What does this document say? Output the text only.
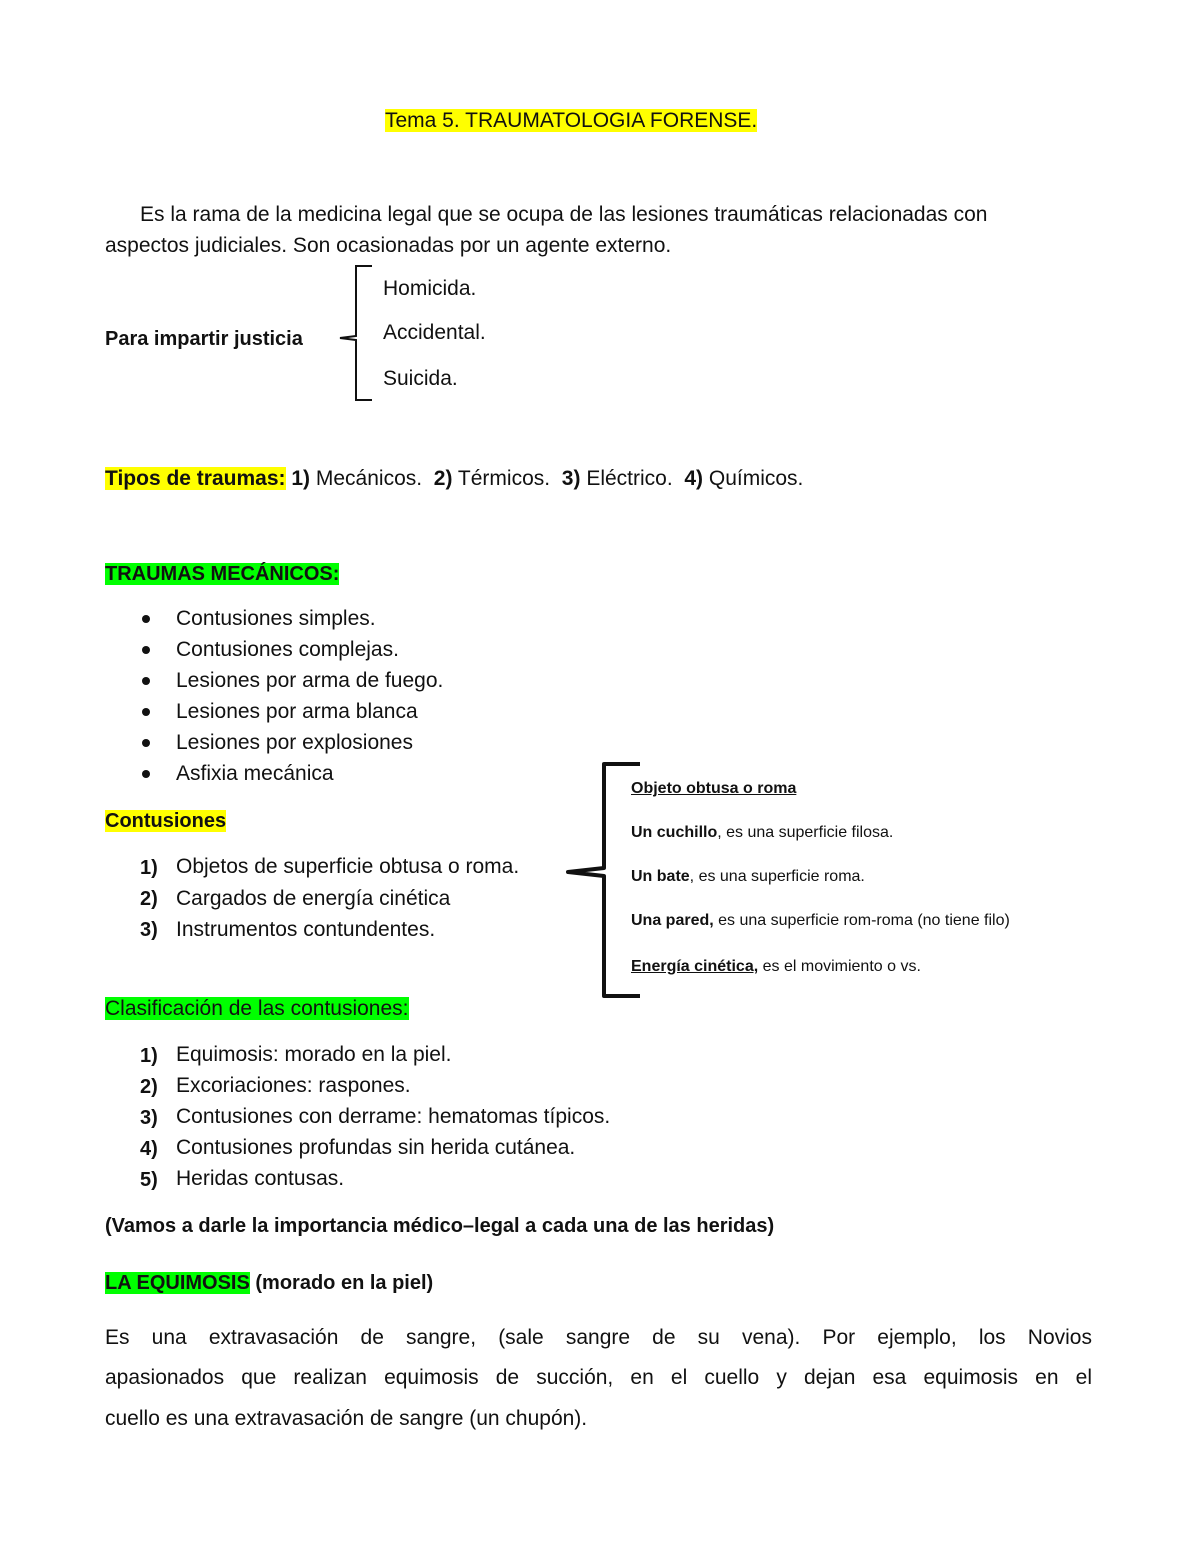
Tema 5. TRAUMATOLOGIA FORENSE.
Es la rama de la medicina legal que se ocupa de las lesiones traumáticas relacionadas con
aspectos judiciales. Son ocasionadas por un agente externo.
Para impartir justicia
Homicida.
Accidental.
Suicida.
Tipos de traumas: 1) Mecánicos. 2) Térmicos. 3) Eléctrico. 4) Químicos.
TRAUMAS MECÁNICOS:
Contusiones simples.
Contusiones complejas.
Lesiones por arma de fuego.
Lesiones por arma blanca
Lesiones por explosiones
Asfixia mecánica
Contusiones
1) Objetos de superficie obtusa o roma.
2) Cargados de energía cinética
3) Instrumentos contundentes.
Objeto obtusa o roma
Un cuchillo, es una superficie filosa.
Un bate, es una superficie roma.
Una pared, es una superficie rom-roma (no tiene filo)
Energía cinética, es el movimiento o vs.
Clasificación de las contusiones:
1) Equimosis: morado en la piel.
2) Excoriaciones: raspones.
3) Contusiones con derrame: hematomas típicos.
4) Contusiones profundas sin herida cutánea.
5) Heridas contusas.
(Vamos a darle la importancia médico–legal a cada una de las heridas)
LA EQUIMOSIS (morado en la piel)
Es una extravasación de sangre, (sale sangre de su vena). Por ejemplo, los Novios
apasionados que realizan equimosis de succión, en el cuello y dejan esa equimosis en el
cuello es una extravasación de sangre (un chupón).
